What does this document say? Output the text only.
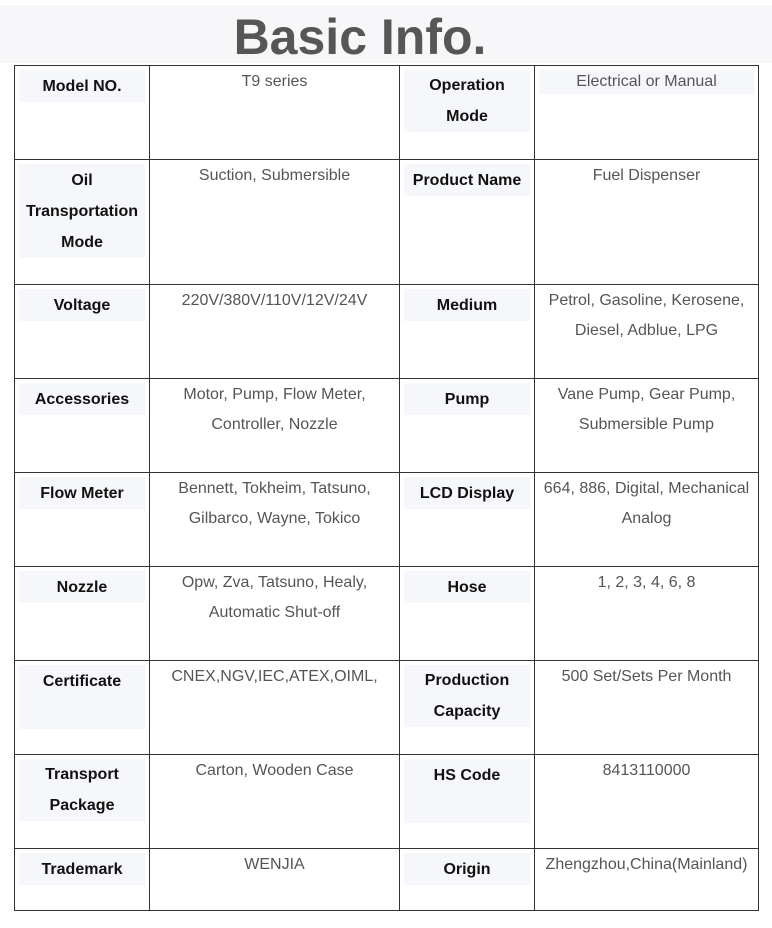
Basic Info.
Model NO.	T9 series	Operation Mode	Electrical or Manual

Oil Transportation Mode	Suction, Submersible	Product Name	Fuel Dispenser

Voltage	220V/380V/110V/12V/24V	Medium	Petrol, Gasoline, Kerosene, Diesel, Adblue, LPG

Accessories	Motor, Pump, Flow Meter, Controller, Nozzle	Pump	Vane Pump, Gear Pump, Submersible Pump

Flow Meter	Bennett, Tokheim, Tatsuno, Gilbarco, Wayne, Tokico	LCD Display	664, 886, Digital, Mechanical Analog

Nozzle	Opw, Zva, Tatsuno, Healy, Automatic Shut-off	Hose	1, 2, 3, 4, 6, 8

Certificate	CNEX,NGV,IEC,ATEX,OIML,	Production Capacity	500 Set/Sets Per Month

Transport Package	Carton, Wooden Case	HS Code	8413110000

Trademark	WENJIA	Origin	Zhengzhou,China(Mainland)
